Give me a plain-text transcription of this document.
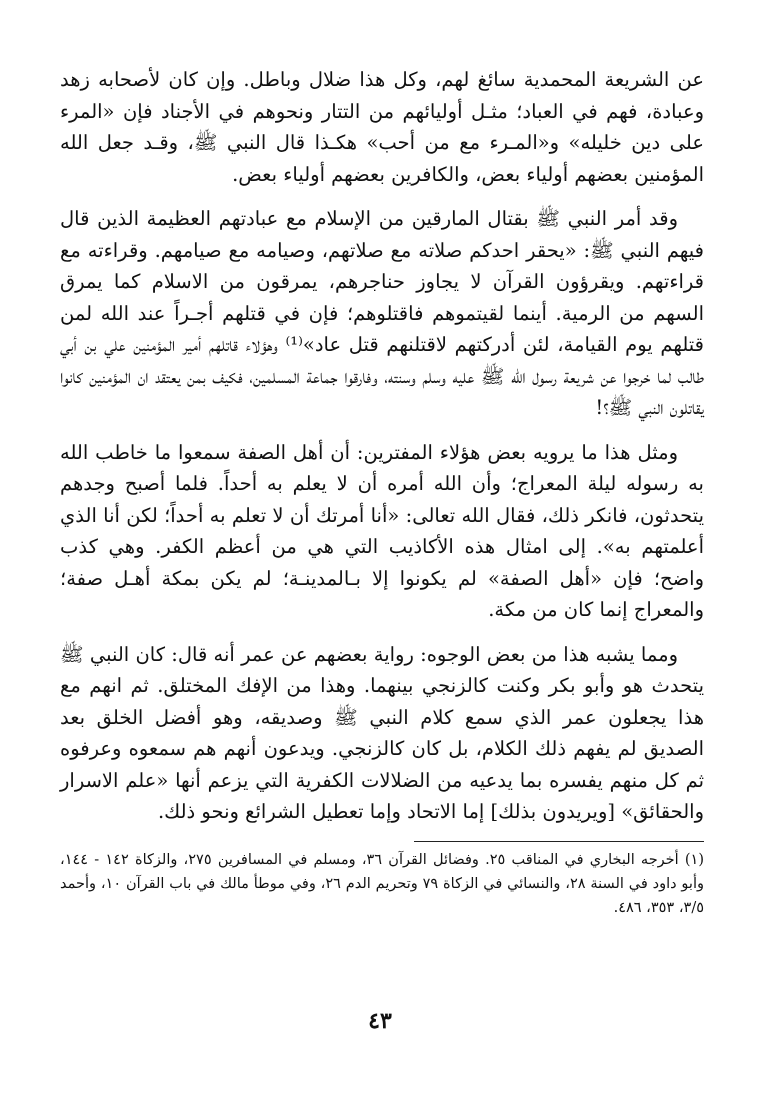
عن الشريعة المحمدية سائغ لهم، وكل هذا ضلال وباطل. وإن كان لأصحابه زهد وعبادة، فهم في العباد؛ مثـل أوليائهم من التتار ونحوهم في الأجناد فإن «المرء على دين خليله» و«المـرء مع من أحب» هكـذا قال النبي ﷺ، وقـد جعل الله المؤمنين بعضهم أولياء بعض، والكافرين بعضهم أولياء بعض.

وقد أمر النبي ﷺ بقتال المارقين من الإسلام مع عبادتهم العظيمة الذين قال فيهم النبي ﷺ: «يحقر احدكم صلاته مع صلاتهم، وصيامه مع صيامهم. وقراءته مع قراءتهم. ويقرؤون القرآن لا يجاوز حناجرهم، يمرقون من الاسلام كما يمرق السهم من الرمية. أينما لقيتموهم فاقتلوهم؛ فإن في قتلهم أجـراً عند الله لمن قتلهم يوم القيامة، لئن أدركتهم لاقتلنهم قتل عاد»⁽¹⁾ وهؤلاء قاتلهم أمير المؤمنين علي بن أبي طالب لما خرجوا عن شريعة رسول الله ﷺ عليه وسلم وسنته، وفارقوا جماعة المسلمين، فكيف بمن يعتقد ان المؤمنين كانوا يقاتلون النبي ﷺ؟!

ومثل هذا ما يرويه بعض هؤلاء المفترين: أن أهل الصفة سمعوا ما خاطب الله به رسوله ليلة المعراج؛ وأن الله أمره أن لا يعلم به أحداً. فلما أصبح وجدهم يتحدثون، فانكر ذلك، فقال الله تعالى: «أنا أمرتك أن لا تعلم به أحداً؛ لكن أنا الذي أعلمتهم به». إلى امثال هذه الأكاذيب التي هي من أعظم الكفر. وهي كذب واضح؛ فإن «أهل الصفة» لم يكونوا إلا بـالمدينـة؛ لم يكن بمكة أهـل صفة؛ والمعراج إنما كان من مكة.

ومما يشبه هذا من بعض الوجوه: رواية بعضهم عن عمر أنه قال: كان النبي ﷺ يتحدث هو وأبو بكر وكنت كالزنجي بينهما. وهذا من الإفك المختلق. ثم انهم مع هذا يجعلون عمر الذي سمع كلام النبي ﷺ وصديقه، وهو أفضل الخلق بعد الصديق لم يفهم ذلك الكلام، بل كان كالزنجي. ويدعون أنهم هم سمعوه وعرفوه ثم كل منهم يفسره بما يدعيه من الضلالات الكفرية التي يزعم أنها «علم الاسرار والحقائق» [ويريدون بذلك] إما الاتحاد وإما تعطيل الشرائع ونحو ذلك.

(١) أخرجه البخاري في المناقب ٢٥. وفضائل القرآن ٣٦، ومسلم في المسافرين ٢٧٥، والزكاة ١٤٢ - ١٤٤، وأبو داود في السنة ٢٨، والنسائي في الزكاة ٧٩ وتحريم الدم ٢٦، وفي موطأ مالك في باب القرآن ١٠، وأحمد ٣/٥، ٣٥٣، ٤٨٦.

٤٣
